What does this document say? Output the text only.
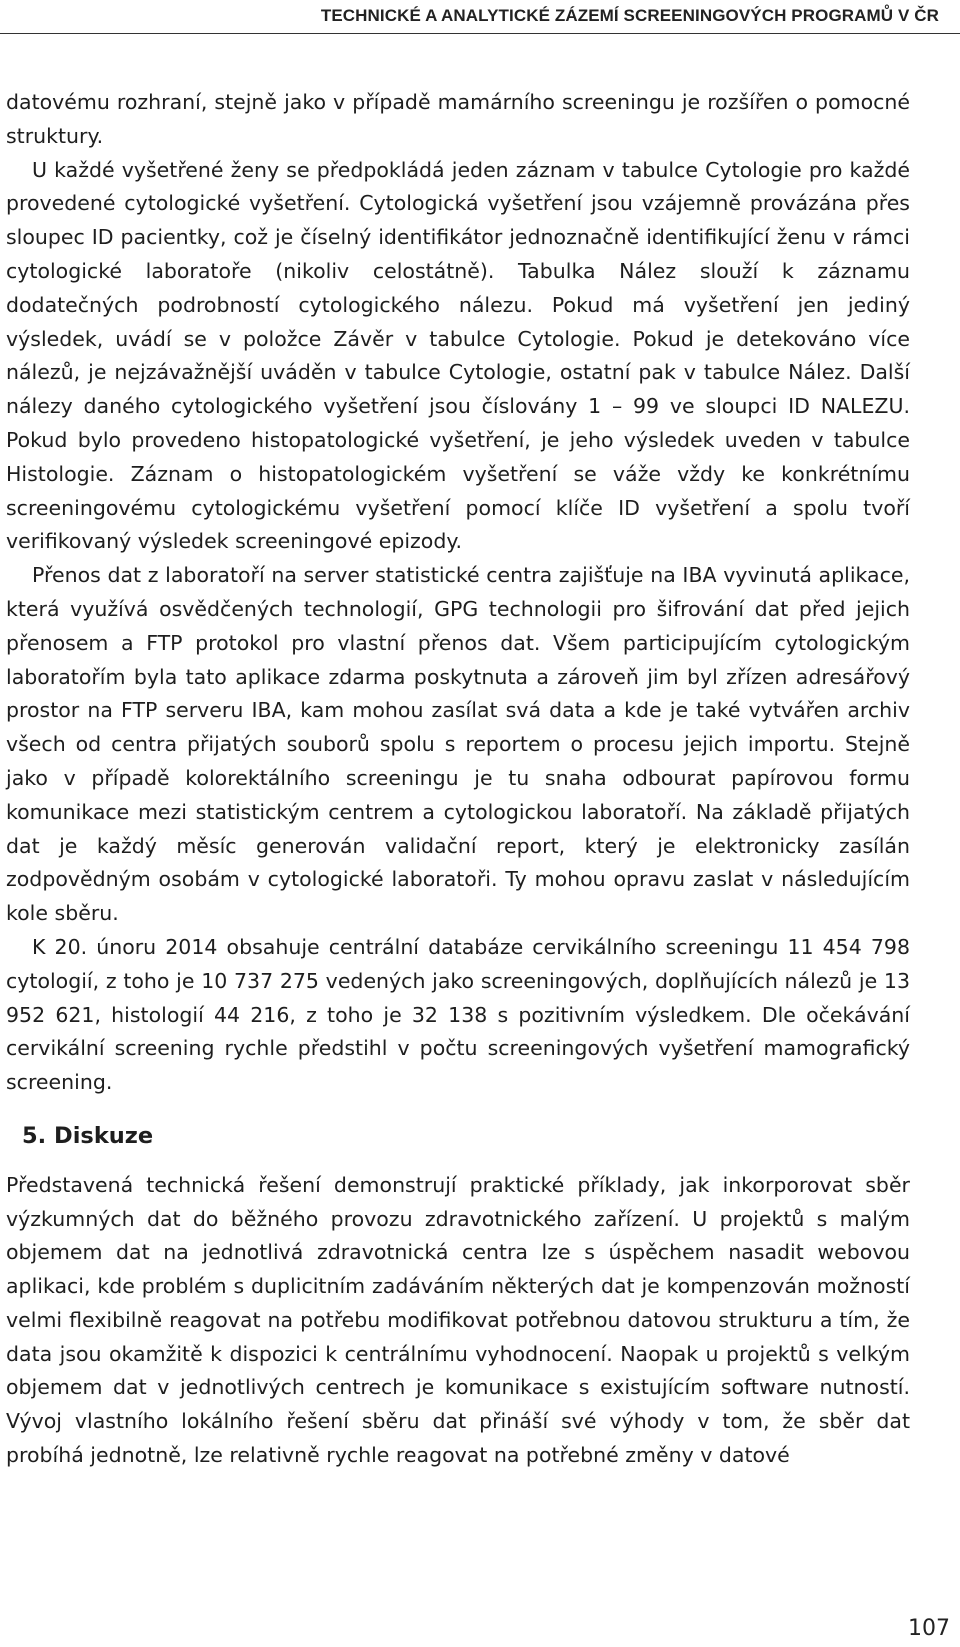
TECHNICKÉ A ANALYTICKÉ ZÁZEMÍ SCREENINGOVÝCH PROGRAMŮ V ČR

datovému rozhraní, stejně jako v případě mamárního screeningu je rozšířen o pomocné struktury.

U každé vyšetřené ženy se předpokládá jeden záznam v tabulce Cytologie pro každé provedené cytologické vyšetření. Cytologická vyšetření jsou vzájemně provázána přes sloupec ID pacientky, což je číselný identifikátor jednoznačně identifikující ženu v rámci cytologické laboratoře (nikoliv celostátně). Tabulka Nález slouží k záznamu dodatečných podrobností cytologického nálezu. Pokud má vyšetření jen jediný výsledek, uvádí se v položce Závěr v tabulce Cytologie. Pokud je detekováno více nálezů, je nejzávažnější uváděn v tabulce Cytologie, ostatní pak v tabulce Nález. Další nálezy daného cytologického vyšetření jsou číslovány 1 – 99 ve sloupci ID NALEZU. Pokud bylo provedeno histopatologické vyšetření, je jeho výsledek uveden v tabulce Histologie. Záznam o histopatologickém vyšetření se váže vždy ke konkrétnímu screeningovému cytologickému vyšetření pomocí klíče ID vyšetření a spolu tvoří verifikovaný výsledek screeningové epizody.

Přenos dat z laboratoří na server statistické centra zajišťuje na IBA vyvinutá aplikace, která využívá osvědčených technologií, GPG technologii pro šifrování dat před jejich přenosem a FTP protokol pro vlastní přenos dat. Všem participujícím cytologickým laboratořím byla tato aplikace zdarma poskytnuta a zároveň jim byl zřízen adresářový prostor na FTP serveru IBA, kam mohou zasílat svá data a kde je také vytvářen archiv všech od centra přijatých souborů spolu s reportem o procesu jejich importu. Stejně jako v případě kolorektálního screeningu je tu snaha odbourat papírovou formu komunikace mezi statistickým centrem a cytologickou laboratoří. Na základě přijatých dat je každý měsíc generován validační report, který je elektronicky zasílán zodpovědným osobám v cytologické laboratoři. Ty mohou opravu zaslat v následujícím kole sběru.

K 20. únoru 2014 obsahuje centrální databáze cervikálního screeningu 11 454 798 cytologií, z toho je 10 737 275 vedených jako screeningových, doplňujících nálezů je 13 952 621, histologií 44 216, z toho je 32 138 s pozitivním výsledkem. Dle očekávání cervikální screening rychle předstihl v počtu screeningových vyšetření mamografický screening.

5. Diskuze

Představená technická řešení demonstrují praktické příklady, jak inkorporovat sběr výzkumných dat do běžného provozu zdravotnického zařízení. U projektů s malým objemem dat na jednotlivá zdravotnická centra lze s úspěchem nasadit webovou aplikaci, kde problém s duplicitním zadáváním některých dat je kompenzován možností velmi flexibilně reagovat na potřebu modifikovat potřebnou datovou strukturu a tím, že data jsou okamžitě k dispozici k centrálnímu vyhodnocení. Naopak u projektů s velkým objemem dat v jednotlivých centrech je komunikace s existujícím software nutností. Vývoj vlastního lokálního řešení sběru dat přináší své výhody v tom, že sběr dat probíhá jednotně, lze relativně rychle reagovat na potřebné změny v datové

107
